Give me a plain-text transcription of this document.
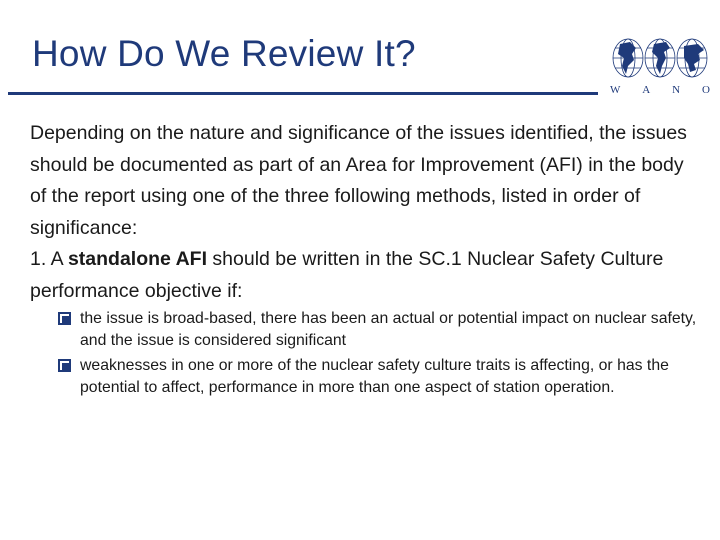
How Do We Review It?
W A N O

Depending on the nature and significance of the issues identified, the issues should be documented as part of an Area for Improvement (AFI) in the body of the report using one of the three following methods, listed in order of significance:

1. A standalone AFI should be written in the SC.1 Nuclear Safety Culture performance objective if:

the issue is broad-based, there has been an actual or potential impact on nuclear safety, and the issue is considered significant
weaknesses in one or more of the nuclear safety culture traits is affecting, or has the potential to affect, performance in more than one aspect of station operation.
